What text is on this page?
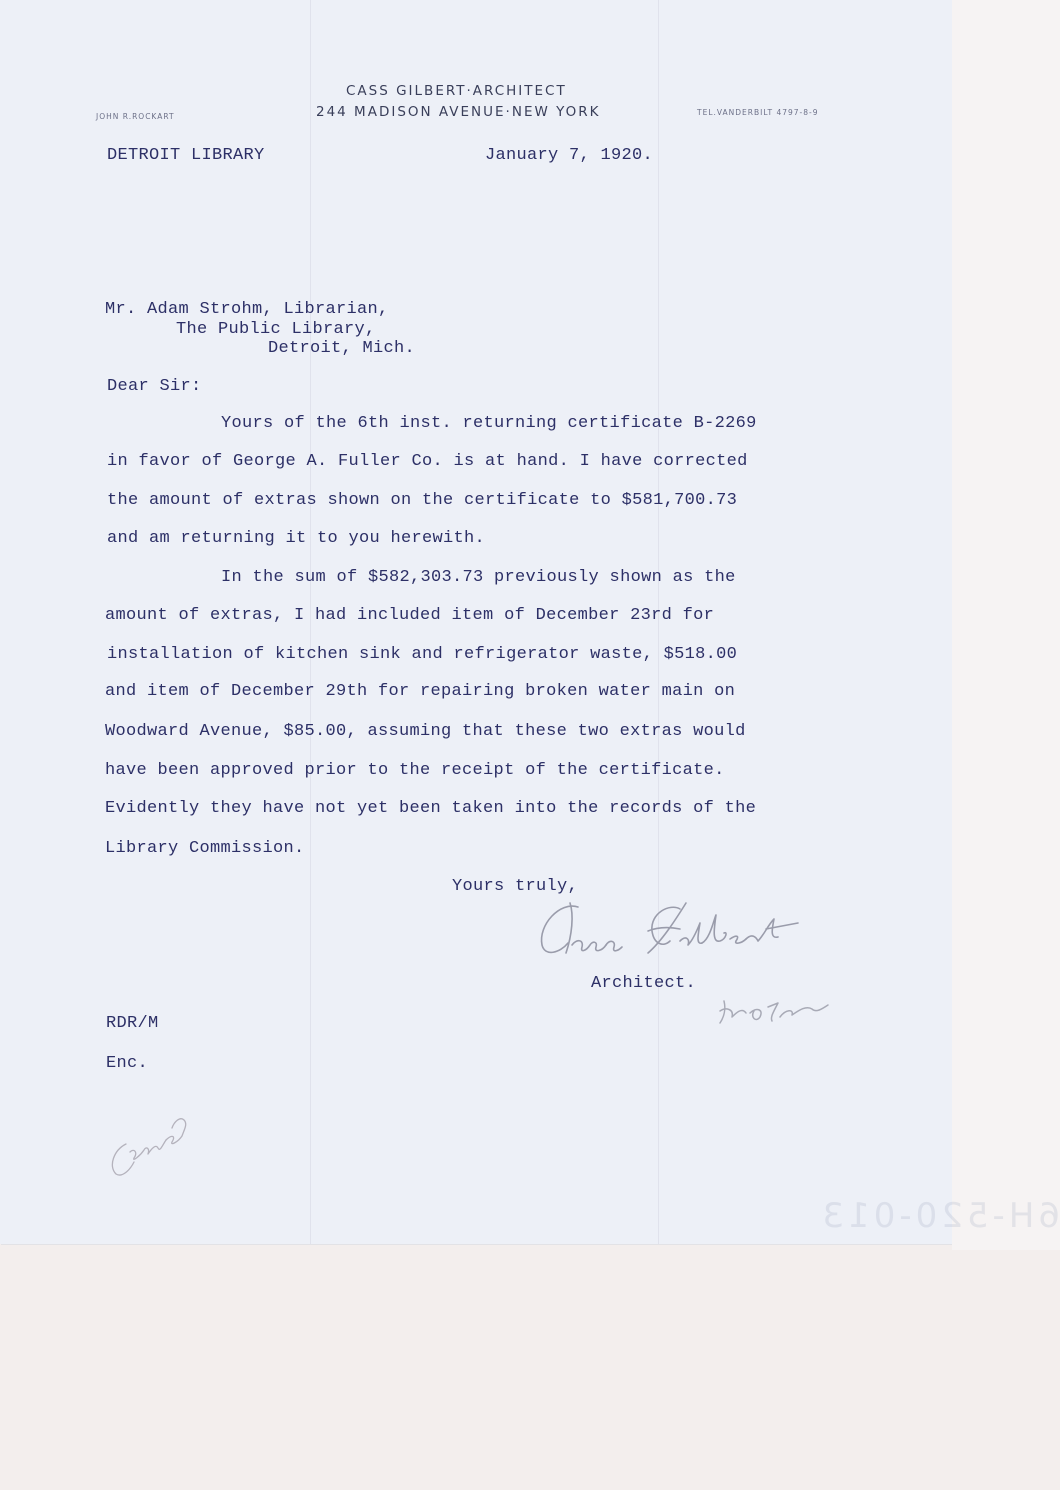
CASS GILBERT·ARCHITECT
244 MADISON AVENUE·NEW YORK
JOHN R.ROCKART	TEL.VANDERBILT 4797-8-9
DETROIT LIBRARY	January 7, 1920.
Mr. Adam Strohm, Librarian,
The Public Library,
Detroit, Mich.
Dear Sir:
Yours of the 6th inst. returning certificate B-2269
in favor of George A. Fuller Co. is at hand. I have corrected
the amount of extras shown on the certificate to $581,700.73
and am returning it to you herewith.
In the sum of $582,303.73 previously shown as the
amount of extras, I had included item of December 23rd for
installation of kitchen sink and refrigerator waste, $518.00
and item of December 29th for repairing broken water main on
Woodward Avenue, $85.00, assuming that these two extras would
have been approved prior to the receipt of the certificate.
Evidently they have not yet been taken into the records of the
Library Commission.
Yours truly,
Architect.
RDR/M
Enc.
6H-520-013
